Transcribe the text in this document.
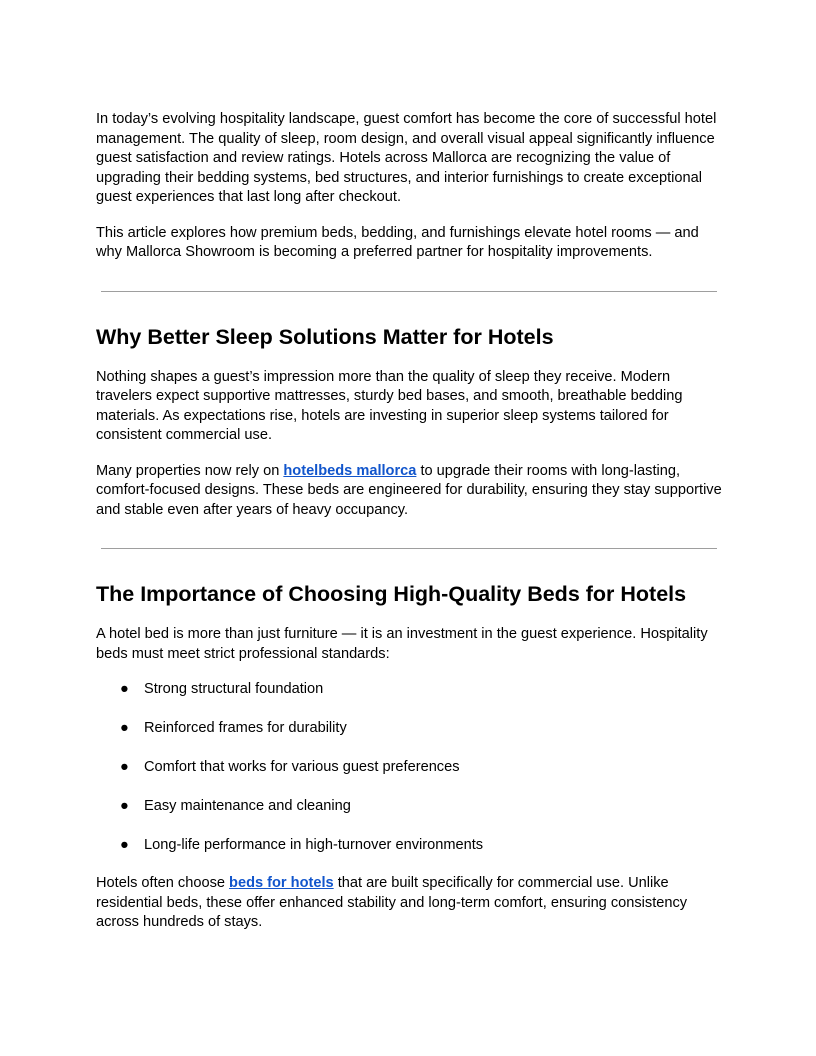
In today’s evolving hospitality landscape, guest comfort has become the core of successful hotel management. The quality of sleep, room design, and overall visual appeal significantly influence guest satisfaction and review ratings. Hotels across Mallorca are recognizing the value of upgrading their bedding systems, bed structures, and interior furnishings to create exceptional guest experiences that last long after checkout.

This article explores how premium beds, bedding, and furnishings elevate hotel rooms — and why Mallorca Showroom is becoming a preferred partner for hospitality improvements.

Why Better Sleep Solutions Matter for Hotels

Nothing shapes a guest’s impression more than the quality of sleep they receive. Modern travelers expect supportive mattresses, sturdy bed bases, and smooth, breathable bedding materials. As expectations rise, hotels are investing in superior sleep systems tailored for consistent commercial use.

Many properties now rely on hotelbeds mallorca to upgrade their rooms with long-lasting, comfort-focused designs. These beds are engineered for durability, ensuring they stay supportive and stable even after years of heavy occupancy.

The Importance of Choosing High-Quality Beds for Hotels

A hotel bed is more than just furniture — it is an investment in the guest experience. Hospitality beds must meet strict professional standards:

● Strong structural foundation
● Reinforced frames for durability
● Comfort that works for various guest preferences
● Easy maintenance and cleaning
● Long-life performance in high-turnover environments

Hotels often choose beds for hotels that are built specifically for commercial use. Unlike residential beds, these offer enhanced stability and long-term comfort, ensuring consistency across hundreds of stays.
